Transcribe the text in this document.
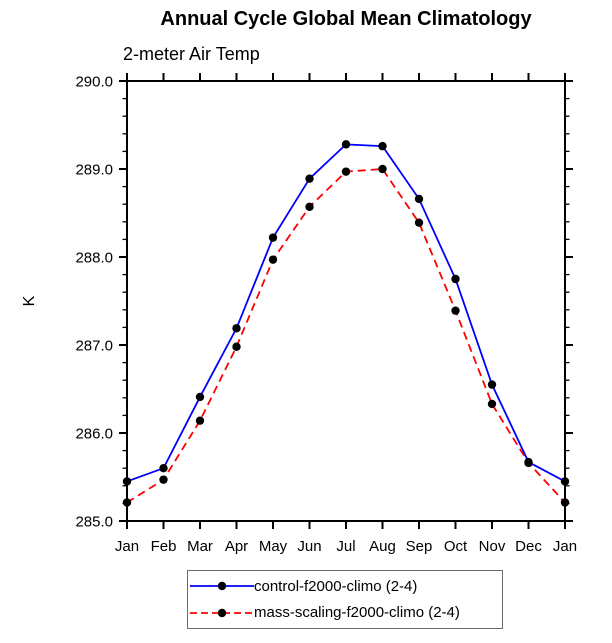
Annual Cycle Global Mean Climatology
2-meter Air Temp
K
285.0
286.0
287.0
288.0
289.0
290.0
Jan Feb Mar Apr May Jun Jul Aug Sep Oct Nov Dec Jan
control-f2000-climo (2-4)
mass-scaling-f2000-climo (2-4)
